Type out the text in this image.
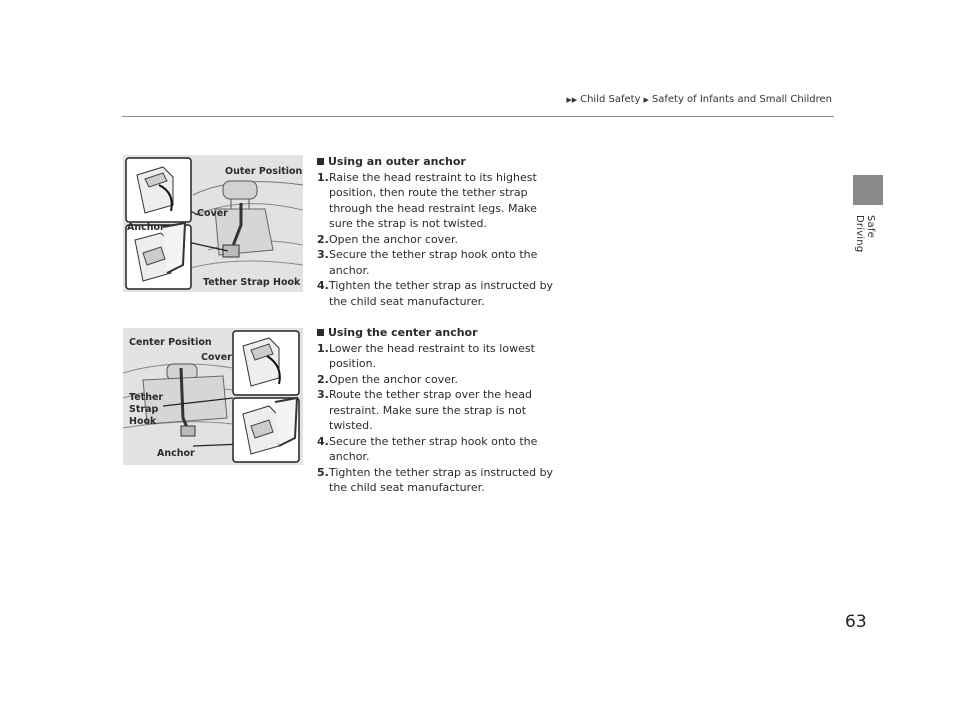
▶▶ Child Safety ▶ Safety of Infants and Small Children
Safe Driving
Outer Position
Cover
Anchor
Tether Strap Hook
Center Position
Cover
Tether
Strap
Hook
Anchor
Using an outer anchor
1. Raise the head restraint to its highest position, then route the tether strap through the head restraint legs. Make sure the strap is not twisted.
2. Open the anchor cover.
3. Secure the tether strap hook onto the anchor.
4. Tighten the tether strap as instructed by the child seat manufacturer.
Using the center anchor
1. Lower the head restraint to its lowest position.
2. Open the anchor cover.
3. Route the tether strap over the head restraint. Make sure the strap is not twisted.
4. Secure the tether strap hook onto the anchor.
5. Tighten the tether strap as instructed by the child seat manufacturer.
63
